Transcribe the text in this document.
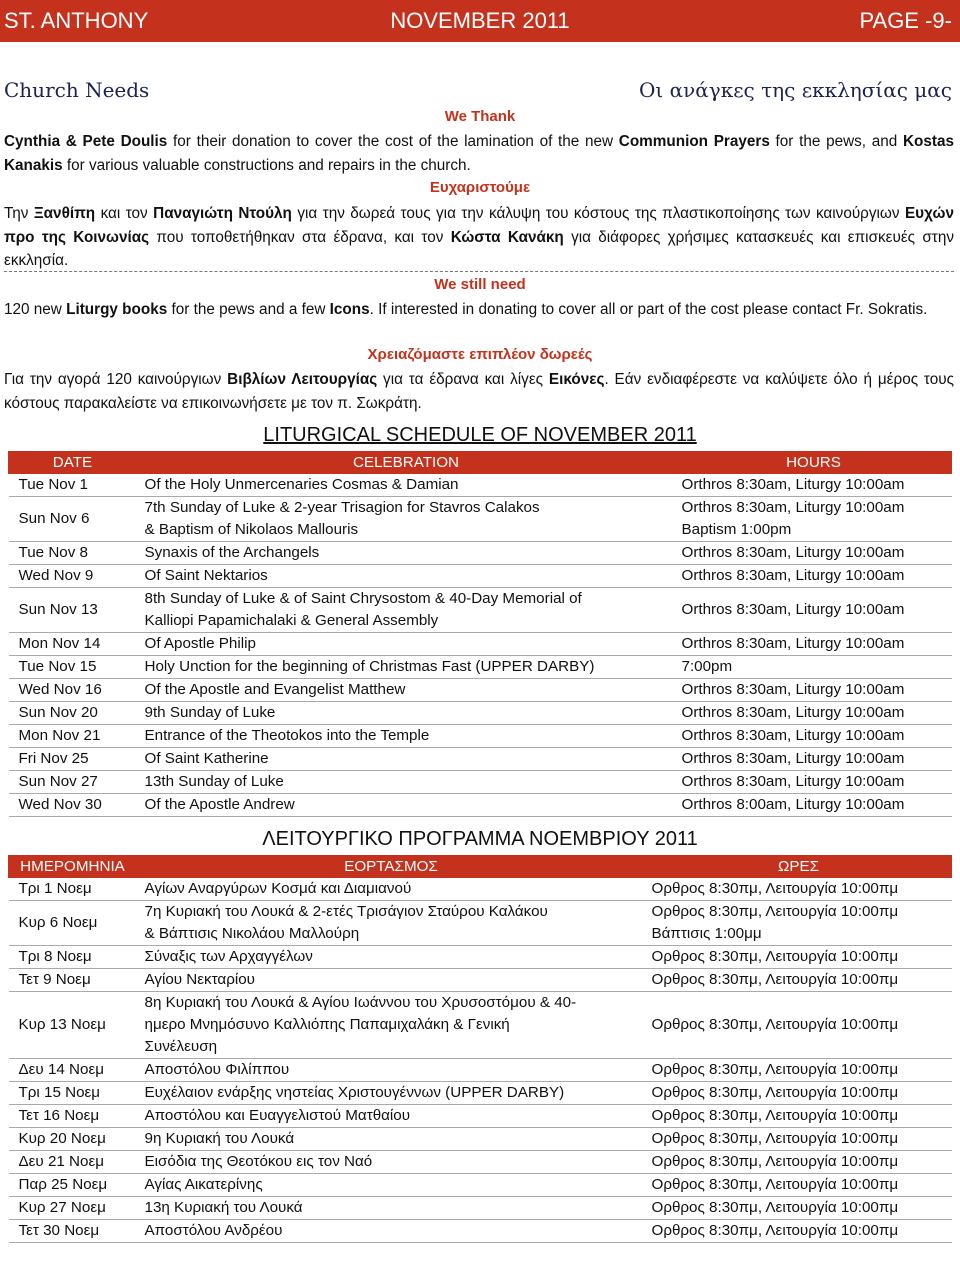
NOVEMBER 2011
ST. ANTHONY	PAGE -9-
Church Needs	Οι ανάγκες της εκκλησίας μας
We Thank
Cynthia & Pete Doulis for their donation to cover the cost of the lamination of the new Communion Prayers for the pews, and Kostas Kanakis for various valuable constructions and repairs in the church.
Ευχαριστούμε
Την Ξανθίπη και τον Παναγιώτη Ντούλη για την δωρεά τους για την κάλυψη του κόστους της πλαστικοποίησης των καινούργιων Ευχών προ της Κοινωνίας που τοποθετήθηκαν στα έδρανα, και τον Κώστα Κανάκη για διάφορες χρήσιμες κατασκευές και επισκευές στην εκκλησία.
We still need
120 new Liturgy books for the pews and a few Icons. If interested in donating to cover all or part of the cost please contact Fr. Sokratis.
Χρειαζόμαστε επιπλέον δωρεές
Για την αγορά 120 καινούργιων Βιβλίων Λειτουργίας για τα έδρανα και λίγες Εικόνες. Εάν ενδιαφέρεστε να καλύψετε όλο ή μέρος τους κόστους παρακαλείστε να επικοινωνήσετε με τον π. Σωκράτη.
LITURGICAL SCHEDULE OF NOVEMBER 2011
DATE	CELEBRATION	HOURS
Tue Nov 1	Of the Holy Unmercenaries Cosmas & Damian	Orthros 8:30am, Liturgy 10:00am
Sun Nov 6	7th Sunday of Luke & 2-year Trisagion for Stavros Calakos
& Baptism of Nikolaos Mallouris	Orthros 8:30am, Liturgy 10:00am
Baptism 1:00pm
Tue Nov 8	Synaxis of the Archangels	Orthros 8:30am, Liturgy 10:00am
Wed Nov 9	Of Saint Nektarios	Orthros 8:30am, Liturgy 10:00am
Sun Nov 13	8th Sunday of Luke & of Saint Chrysostom & 40-Day Memorial of
Kalliopi Papamichalaki & General Assembly	Orthros 8:30am, Liturgy 10:00am
Mon Nov 14	Of Apostle Philip	Orthros 8:30am, Liturgy 10:00am
Tue Nov 15	Holy Unction for the beginning of Christmas Fast (UPPER DARBY)	7:00pm
Wed Nov 16	Of the Apostle and Evangelist Matthew	Orthros 8:30am, Liturgy 10:00am
Sun Nov 20	9th Sunday of Luke	Orthros 8:30am, Liturgy 10:00am
Mon Nov 21	Entrance of the Theotokos into the Temple	Orthros 8:30am, Liturgy 10:00am
Fri Nov 25	Of Saint Katherine	Orthros 8:30am, Liturgy 10:00am
Sun Nov 27	13th Sunday of Luke	Orthros 8:30am, Liturgy 10:00am
Wed Nov 30	Of the Apostle Andrew	Orthros 8:00am, Liturgy 10:00am
ΛΕΙΤΟΥΡΓΙΚΟ ΠΡΟΓΡΑΜΜΑ ΝΟΕΜΒΡΙΟΥ 2011
ΗΜΕΡΟΜΗΝΙΑ	ΕΟΡΤΑΣΜΟΣ	ΩΡΕΣ
Τρι 1 Νοεμ	Αγίων Αναργύρων Κοσμά και Διαμιανού	Ορθρος 8:30πμ, Λειτουργία 10:00πμ
Κυρ 6 Νοεμ	7η Κυριακή του Λουκά & 2-ετές Τρισάγιον Σταύρου Καλάκου
& Βάπτισις Νικολάου Μαλλούρη	Ορθρος 8:30πμ, Λειτουργία 10:00πμ
Βάπτισις 1:00μμ
Τρι 8 Νοεμ	Σύναξις των Αρχαγγέλων	Ορθρος 8:30πμ, Λειτουργία 10:00πμ
Τετ 9 Νοεμ	Αγίου Νεκταρίου	Ορθρος 8:30πμ, Λειτουργία 10:00πμ
Κυρ 13 Νοεμ	8η Κυριακή του Λουκά & Αγίου Ιωάννου του Χρυσοστόμου & 40-
ημερο Μνημόσυνο Καλλιόπης Παπαμιχαλάκη & Γενική
Συνέλευση	Ορθρος 8:30πμ, Λειτουργία 10:00πμ
Δευ 14 Νοεμ	Αποστόλου Φιλίππου	Ορθρος 8:30πμ, Λειτουργία 10:00πμ
Τρι 15 Νοεμ	Ευχέλαιον ενάρξης νηστείας Χριστουγέννων (UPPER DARBY)	Ορθρος 8:30πμ, Λειτουργία 10:00πμ
Τετ 16 Νοεμ	Αποστόλου και Ευαγγελιστού Ματθαίου	Ορθρος 8:30πμ, Λειτουργία 10:00πμ
Κυρ 20 Νοεμ	9η Κυριακή του Λουκά	Ορθρος 8:30πμ, Λειτουργία 10:00πμ
Δευ 21 Νοεμ	Εισόδια της Θεοτόκου εις τον Ναό	Ορθρος 8:30πμ, Λειτουργία 10:00πμ
Παρ 25 Νοεμ	Αγίας Αικατερίνης	Ορθρος 8:30πμ, Λειτουργία 10:00πμ
Κυρ 27 Νοεμ	13η Κυριακή του Λουκά	Ορθρος 8:30πμ, Λειτουργία 10:00πμ
Τετ 30 Νοεμ	Αποστόλου Ανδρέου	Ορθρος 8:30πμ, Λειτουργία 10:00πμ
